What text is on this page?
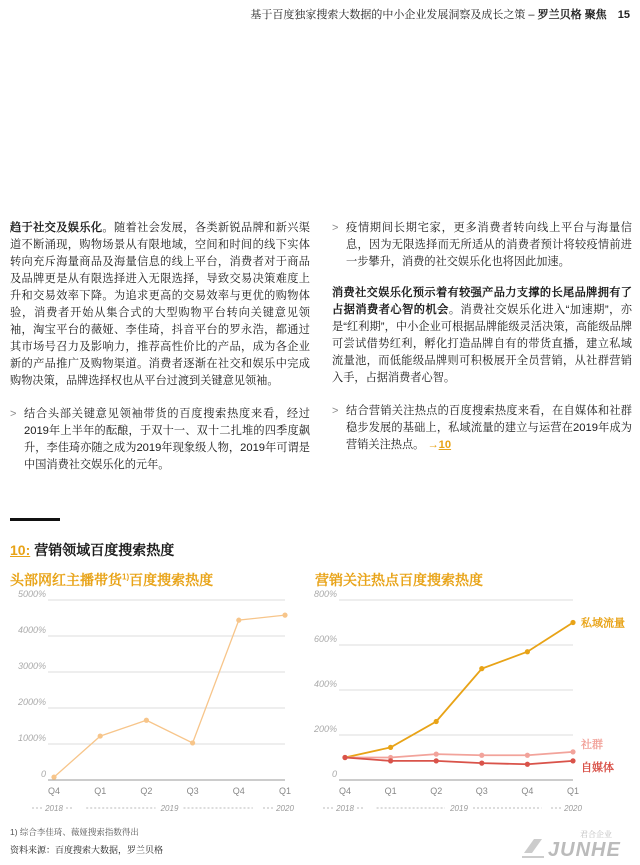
基于百度独家搜索大数据的中小企业发展洞察及成长之策 – 罗兰贝格 聚焦 15

趋于社交及娱乐化。随着社会发展，各类新锐品牌和新兴渠道不断涌现，购物场景从有限地域，空间和时间的线下实体转向充斥海量商品及海量信息的线上平台，消费者对于商品及品牌更是从有限选择进入无限选择，导致交易决策难度上升和交易效率下降。为追求更高的交易效率与更优的购物体验，消费者开始从集合式的大型购物平台转向关键意见领袖，淘宝平台的薇娅、李佳琦，抖音平台的罗永浩，都通过其市场号召力及影响力，推荐高性价比的产品，成为各企业新的产品推广及购物渠道。消费者逐渐在社交和娱乐中完成购物决策，品牌选择权也从平台过渡到关键意见领袖。

> 结合头部关键意见领袖带货的百度搜索热度来看，经过2019年上半年的酝酿，于双十一、双十二扎堆的四季度飙升，李佳琦亦随之成为2019年现象级人物，2019年可谓是中国消费社交娱乐化的元年。

> 疫情期间长期宅家，更多消费者转向线上平台与海量信息，因为无限选择而无所适从的消费者预计将较疫情前进一步攀升，消费的社交娱乐化也将因此加速。

消费社交娱乐化预示着有较强产品力支撑的长尾品牌拥有了占据消费者心智的机会。消费社交娱乐化进入“加速期”，亦是“红利期”，中小企业可根据品牌能级灵活决策，高能级品牌可尝试借势红利，孵化打造品牌自有的带货直播，建立私域流量池，而低能级品牌则可积极展开全员营销，从社群营销入手，占据消费者心智。

> 结合营销关注热点的百度搜索热度来看，在自媒体和社群稳步发展的基础上，私域流量的建立与运营在2019年成为营销关注热点。 →10

10: 营销领域百度搜索热度
头部网红主播带货$^{1)}$百度搜索热度	营销关注热点百度搜索热度
0
1000%
2000%
3000%
4000%
5000%
Q4	Q1	Q2	Q3	Q4	Q1
2018	2019	2020
0
200%
400%
600%
800%
Q4	Q1	Q2	Q3	Q4	Q1
2018	2019	2020
私域流量
社群
自媒体
1) 综合李佳琦、薇娅搜索指数得出
资料来源：百度搜索大数据，罗兰贝格
君合企业
JUNHE
